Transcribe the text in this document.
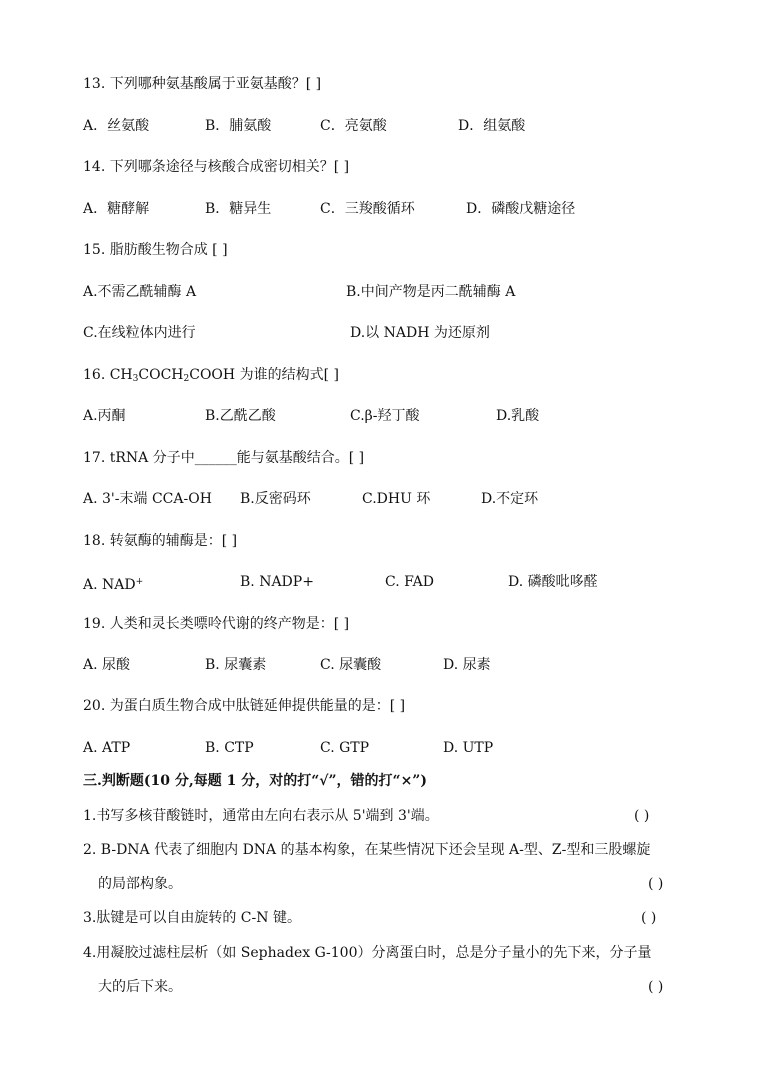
13. 下列哪种氨基酸属于亚氨基酸？[ ]
A．丝氨酸	B．脯氨酸	C．亮氨酸	D．组氨酸
14. 下列哪条途径与核酸合成密切相关？[ ]
A．糖酵解	B．糖异生	C．三羧酸循环	D．磷酸戊糖途径
15. 脂肪酸生物合成 [ ]
A.不需乙酰辅酶 A	B.中间产物是丙二酰辅酶 A
C.在线粒体内进行	D.以 NADH 为还原剂
16. $CH_3COCH_2COOH$ 为谁的结构式[ ]
A.丙酮	B.乙酰乙酸	C.β-羟丁酸	D.乳酸
17. tRNA 分子中______能与氨基酸结合。[ ]
A. 3'-末端 CCA-OH B.反密码环	C.DHU 环	D.不定环
18. 转氨酶的辅酶是：[ ]
A. NAD+	B. NADP+	C. FAD	D. 磷酸吡哆醛
19. 人类和灵长类嘌呤代谢的终产物是：[ ]
A. 尿酸	B. 尿囊素	C. 尿囊酸	D. 尿素
20. 为蛋白质生物合成中肽链延伸提供能量的是：[ ]
A. ATP	B. CTP	C. GTP	D. UTP
三.判断题(10 分,每题 1 分，对的打“√”，错的打“×”)
1.书写多核苷酸链时，通常由左向右表示从 5'端到 3'端。	( )
2. B-DNA 代表了细胞内 DNA 的基本构象，在某些情况下还会呈现 A-型、Z-型和三股螺旋
的局部构象。	( )
3.肽键是可以自由旋转的 C-N 键。	( )
4.用凝胶过滤柱层析（如 Sephadex G-100）分离蛋白时，总是分子量小的先下来，分子量
大的后下来。	( )
